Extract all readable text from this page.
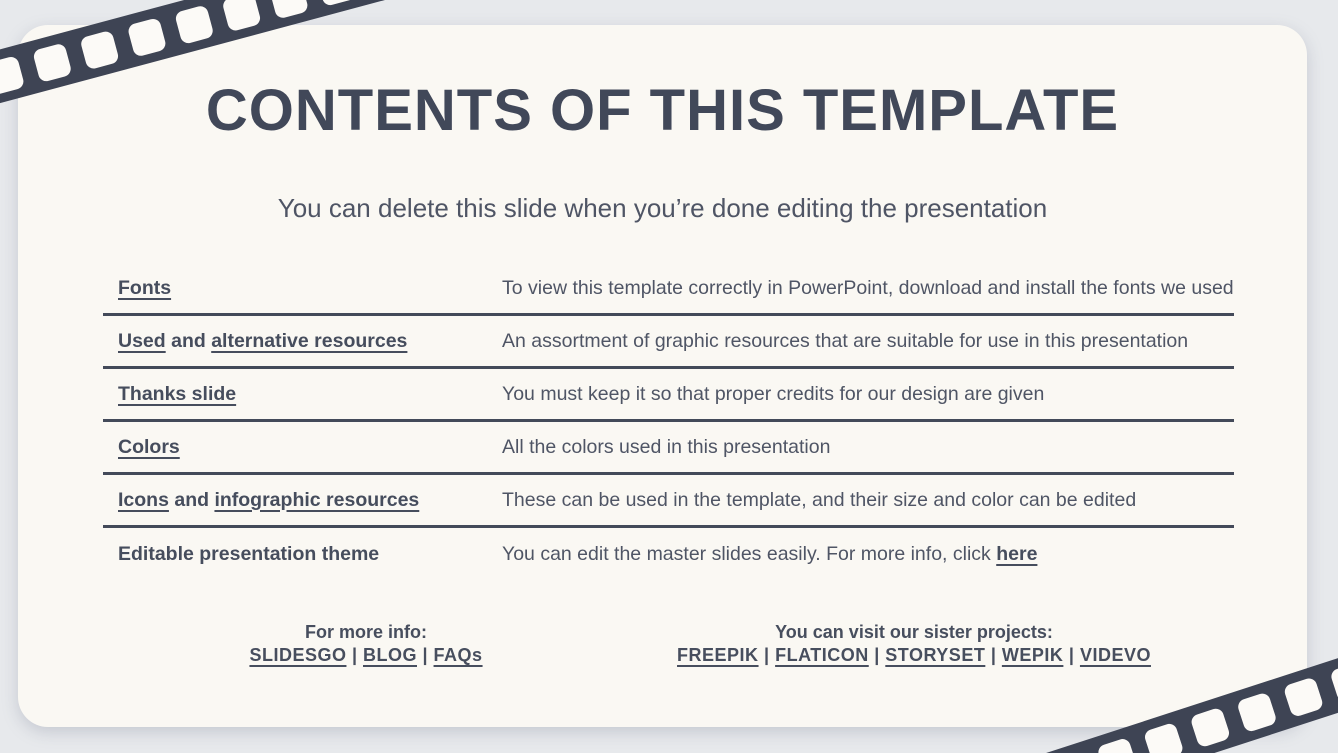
CONTENTS OF THIS TEMPLATE
You can delete this slide when you’re done editing the presentation
Fonts	To view this template correctly in PowerPoint, download and install the fonts we used
Used and alternative resources	An assortment of graphic resources that are suitable for use in this presentation
Thanks slide	You must keep it so that proper credits for our design are given
Colors	All the colors used in this presentation
Icons and infographic resources	These can be used in the template, and their size and color can be edited
Editable presentation theme	You can edit the master slides easily. For more info, click here
For more info:
SLIDESGO | BLOG | FAQs
You can visit our sister projects:
FREEPIK | FLATICON | STORYSET | WEPIK | VIDEVO
